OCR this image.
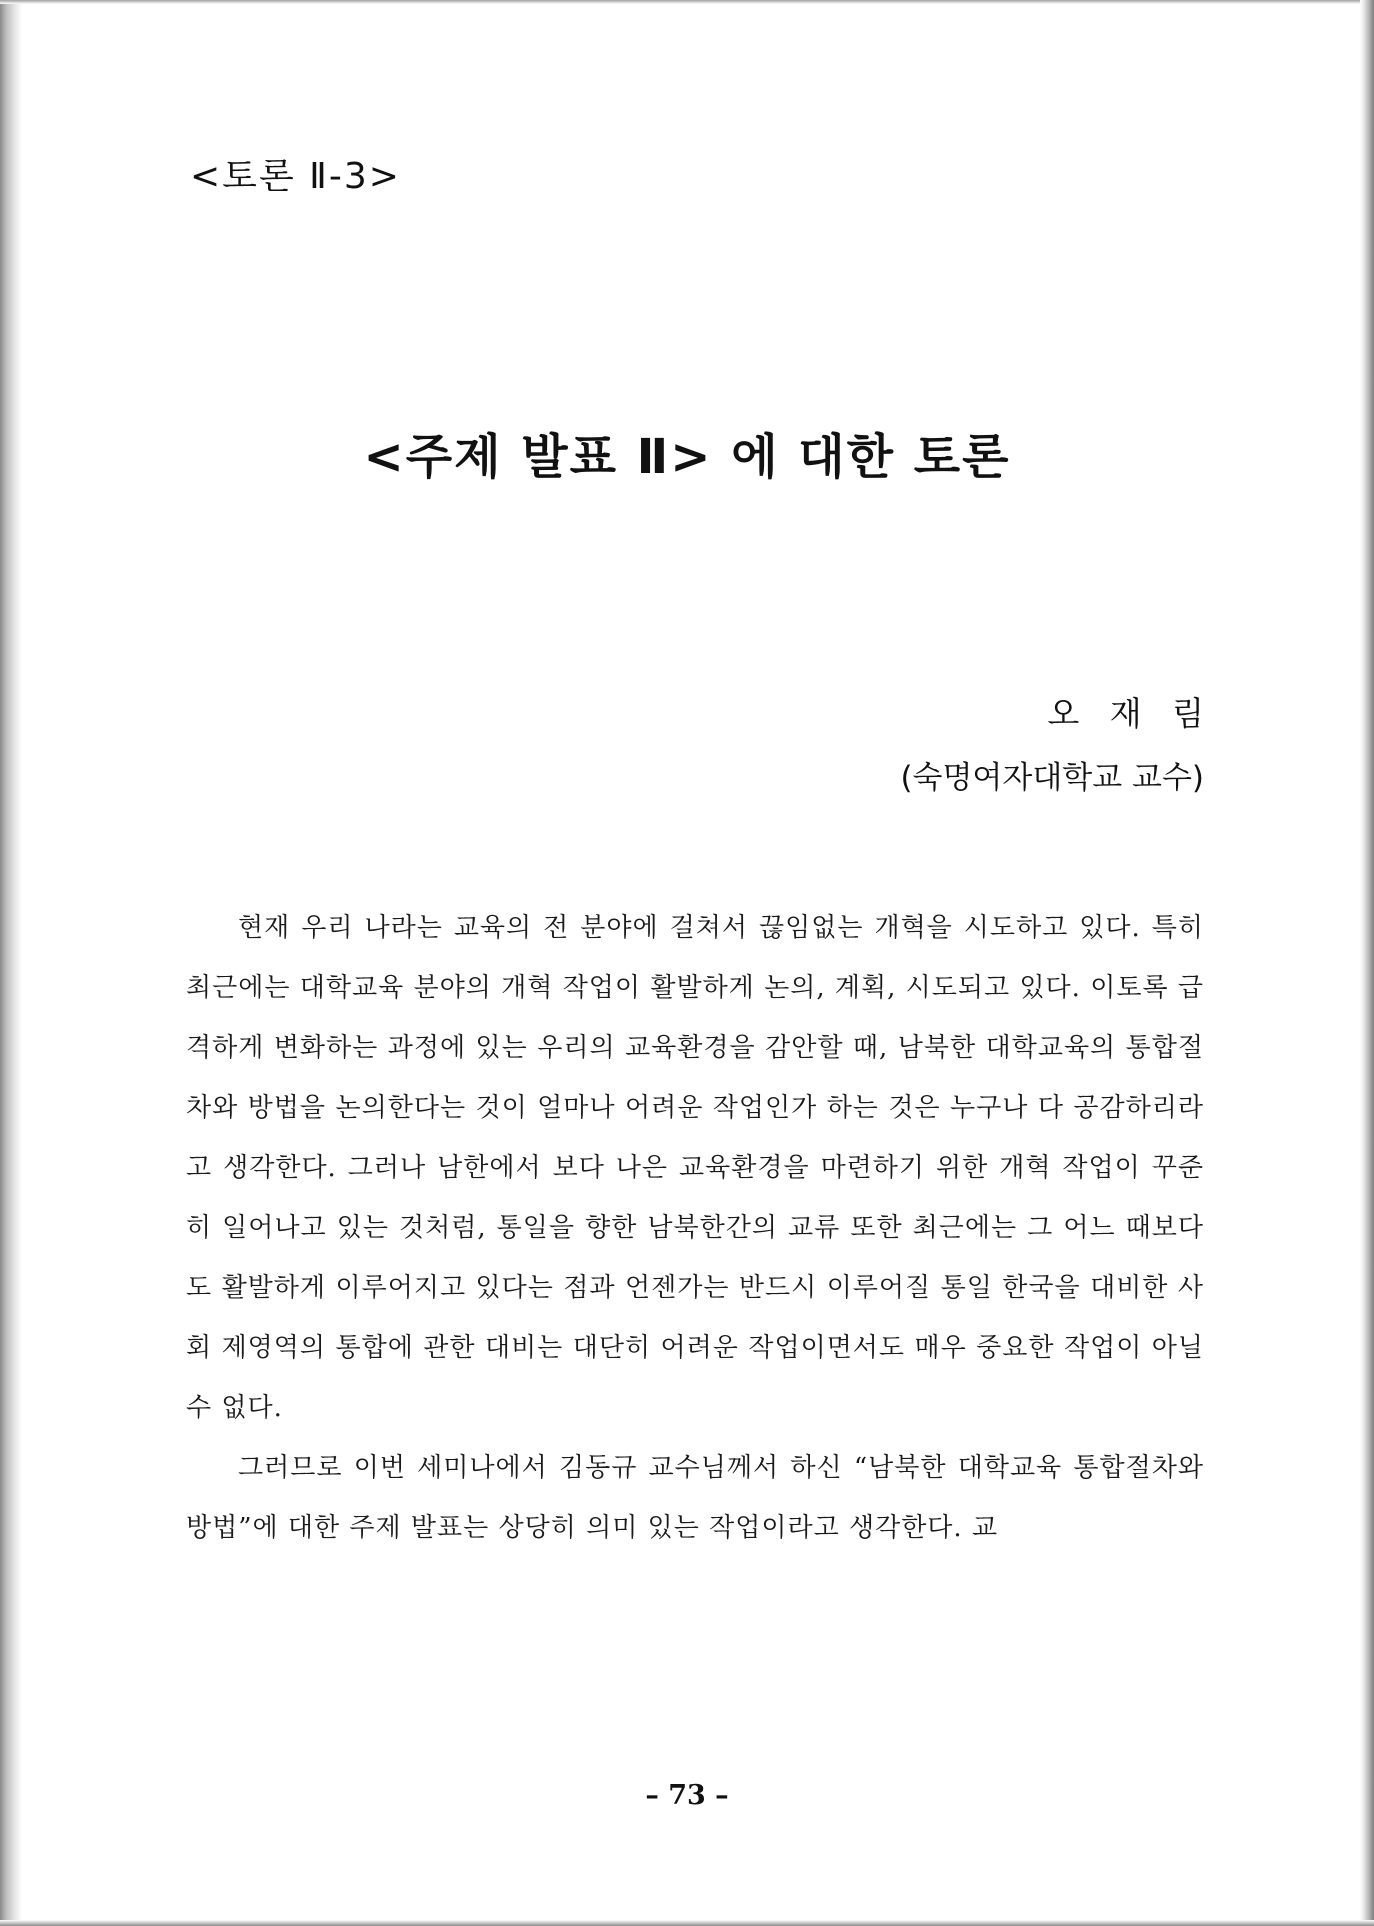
<토론 Ⅱ-3>
<주제 발표 Ⅱ> 에 대한 토론
오 재 림
(숙명여자대학교 교수)

현재 우리 나라는 교육의 전 분야에 걸쳐서 끊임없는 개혁을 시도하고 있다. 특히 최근에는 대학교육 분야의 개혁 작업이 활발하게 논의, 계획, 시도되고 있다. 이토록 급격하게 변화하는 과정에 있는 우리의 교육환경을 감안할 때, 남북한 대학교육의 통합절차와 방법을 논의한다는 것이 얼마나 어려운 작업인가 하는 것은 누구나 다 공감하리라고 생각한다. 그러나 남한에서 보다 나은 교육환경을 마련하기 위한 개혁 작업이 꾸준히 일어나고 있는 것처럼, 통일을 향한 남북한간의 교류 또한 최근에는 그 어느 때보다도 활발하게 이루어지고 있다는 점과 언젠가는 반드시 이루어질 통일 한국을 대비한 사회 제영역의 통합에 관한 대비는 대단히 어려운 작업이면서도 매우 중요한 작업이 아닐 수 없다.

그러므로 이번 세미나에서 김동규 교수님께서 하신 “남북한 대학교육 통합절차와 방법”에 대한 주제 발표는 상당히 의미 있는 작업이라고 생각한다. 교

– 73 –
